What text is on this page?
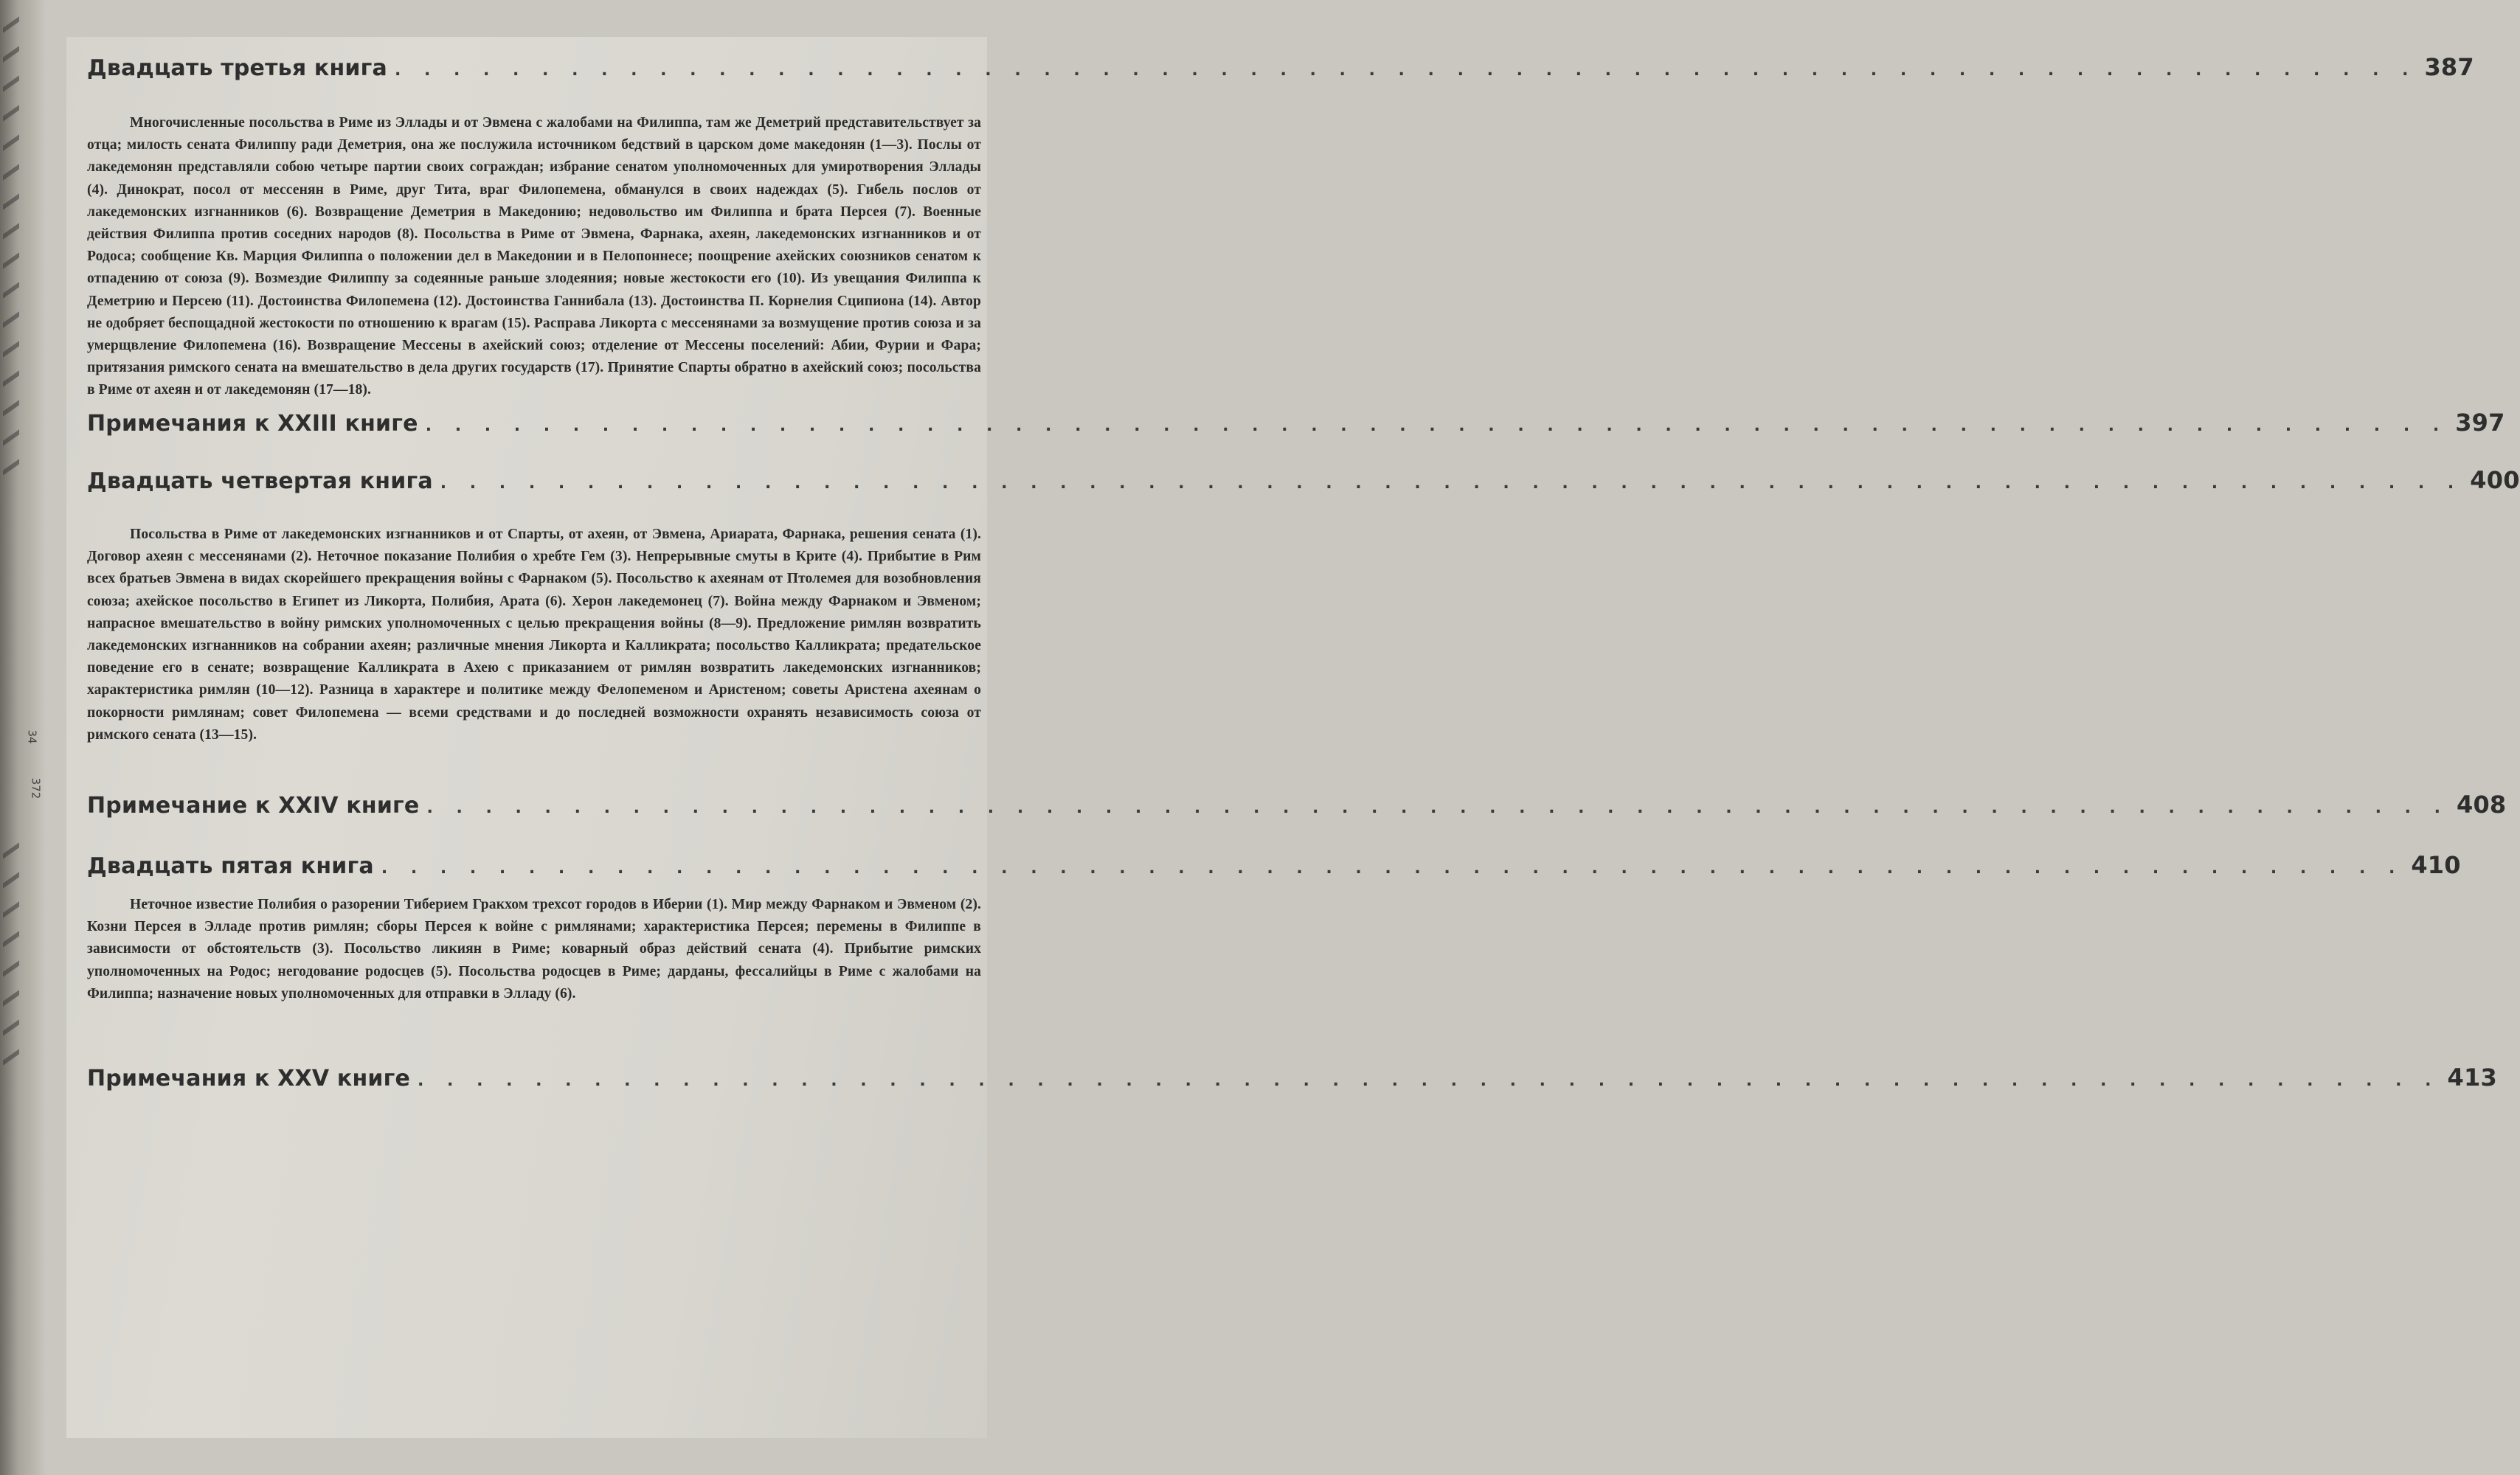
34
372
Двадцать третья книга . . . . . . . . . . . . . . . . . . . . . . . . . . . . . . . . . . . . . . . . . . . . . . . . . . . . . . . . . . . . . . . . . . . . . 387

Многочисленные посольства в Риме из Эллады и от Эвмена с жалобами на Филиппа, там же Деметрий представительствует за отца; милость сената Филиппу ради Деметрия, она же послужила источником бедствий в царском доме македонян (1—3). Послы от лакедемонян представляли собою четыре партии своих сограждан; избрание сенатом уполномоченных для умиротворения Эллады (4). Динократ, посол от мессенян в Риме, друг Тита, враг Филопемена, обманулся в своих надеждах (5). Гибель послов от лакедемонских изгнанников (6). Возвращение Деметрия в Македонию; недовольство им Филиппа и брата Персея (7). Военные действия Филиппа против соседних народов (8). Посольства в Риме от Эвмена, Фарнака, ахеян, лакедемонских изгнанников и от Родоса; сообщение Кв. Марция Филиппа о положении дел в Македонии и в Пелопоннесе; поощрение ахейских союзников сенатом к отпадению от союза (9). Возмездие Филиппу за содеянные раньше злодеяния; новые жестокости его (10). Из увещания Филиппа к Деметрию и Персею (11). Достоинства Филопемена (12). Достоинства Ганнибала (13). Достоинства П. Корнелия Сципиона (14). Автор не одобряет беспощадной жестокости по отношению к врагам (15). Расправа Ликорта с мессенянами за возмущение против союза и за умерщвление Филопемена (16). Возвращение Мессены в ахейский союз; отделение от Мессены поселений: Абии, Фурии и Фара; притязания римского сената на вмешательство в дела других государств (17). Принятие Спарты обратно в ахейский союз; посольства в Риме от ахеян и от лакедемонян (17—18).

Примечания к XXIII книге . . . . . . . . . . . . . . . . . . . . . . . . . . . . . . . . . . . . . . . . . . . . . . . . . . . . . . . . . . . . . . . . . . . . . 397
Двадцать четвертая книга . . . . . . . . . . . . . . . . . . . . . . . . . . . . . . . . . . . . . . . . . . . . . . . . . . . . . . . . . . . . . . . . . . . . . 400

Посольства в Риме от лакедемонских изгнанников и от Спарты, от ахеян, от Эвмена, Ариарата, Фарнака, решения сената (1). Договор ахеян с мессенянами (2). Неточное показание Полибия о хребте Гем (3). Непрерывные смуты в Крите (4). Прибытие в Рим всех братьев Эвмена в видах скорейшего прекращения войны с Фарнаком (5). Посольство к ахеянам от Птолемея для возобновления союза; ахейское посольство в Египет из Ликорта, Полибия, Арата (6). Херон лакедемонец (7). Война между Фарнаком и Эвменом; напрасное вмешательство в войну римских уполномоченных с целью прекращения войны (8—9). Предложение римлян возвратить лакедемонских изгнанников на собрании ахеян; различные мнения Ликорта и Калликрата; посольство Калликрата; предательское поведение его в сенате; возвращение Калликрата в Ахею с приказанием от римлян возвратить лакедемонских изгнанников; характеристика римлян (10—12). Разница в характере и политике между Фелопеменом и Аристеном; советы Аристена ахеянам о покорности римлянам; совет Филопемена — всеми средствами и до последней возможности охранять независимость союза от римского сената (13—15).

Примечание к XXIV книге . . . . . . . . . . . . . . . . . . . . . . . . . . . . . . . . . . . . . . . . . . . . . . . . . . . . . . . . . . . . . . . . . . . . . 408
Двадцать пятая книга . . . . . . . . . . . . . . . . . . . . . . . . . . . . . . . . . . . . . . . . . . . . . . . . . . . . . . . . . . . . . . . . . . . . . 410

Неточное известие Полибия о разорении Тиберием Гракхом трехсот городов в Иберии (1). Мир между Фарнаком и Эвменом (2). Козни Персея в Элладе против римлян; сборы Персея к войне с римлянами; характеристика Персея; перемены в Филиппе в зависимости от обстоятельств (3). Посольство ликиян в Риме; коварный образ действий сената (4). Прибытие римских уполномоченных на Родос; негодование родосцев (5). Посольства родосцев в Риме; дарданы, фессалийцы в Риме с жалобами на Филиппа; назначение новых уполномоченных для отправки в Элладу (6).

Примечания к XXV книге . . . . . . . . . . . . . . . . . . . . . . . . . . . . . . . . . . . . . . . . . . . . . . . . . . . . . . . . . . . . . . . . . . . . . 413
